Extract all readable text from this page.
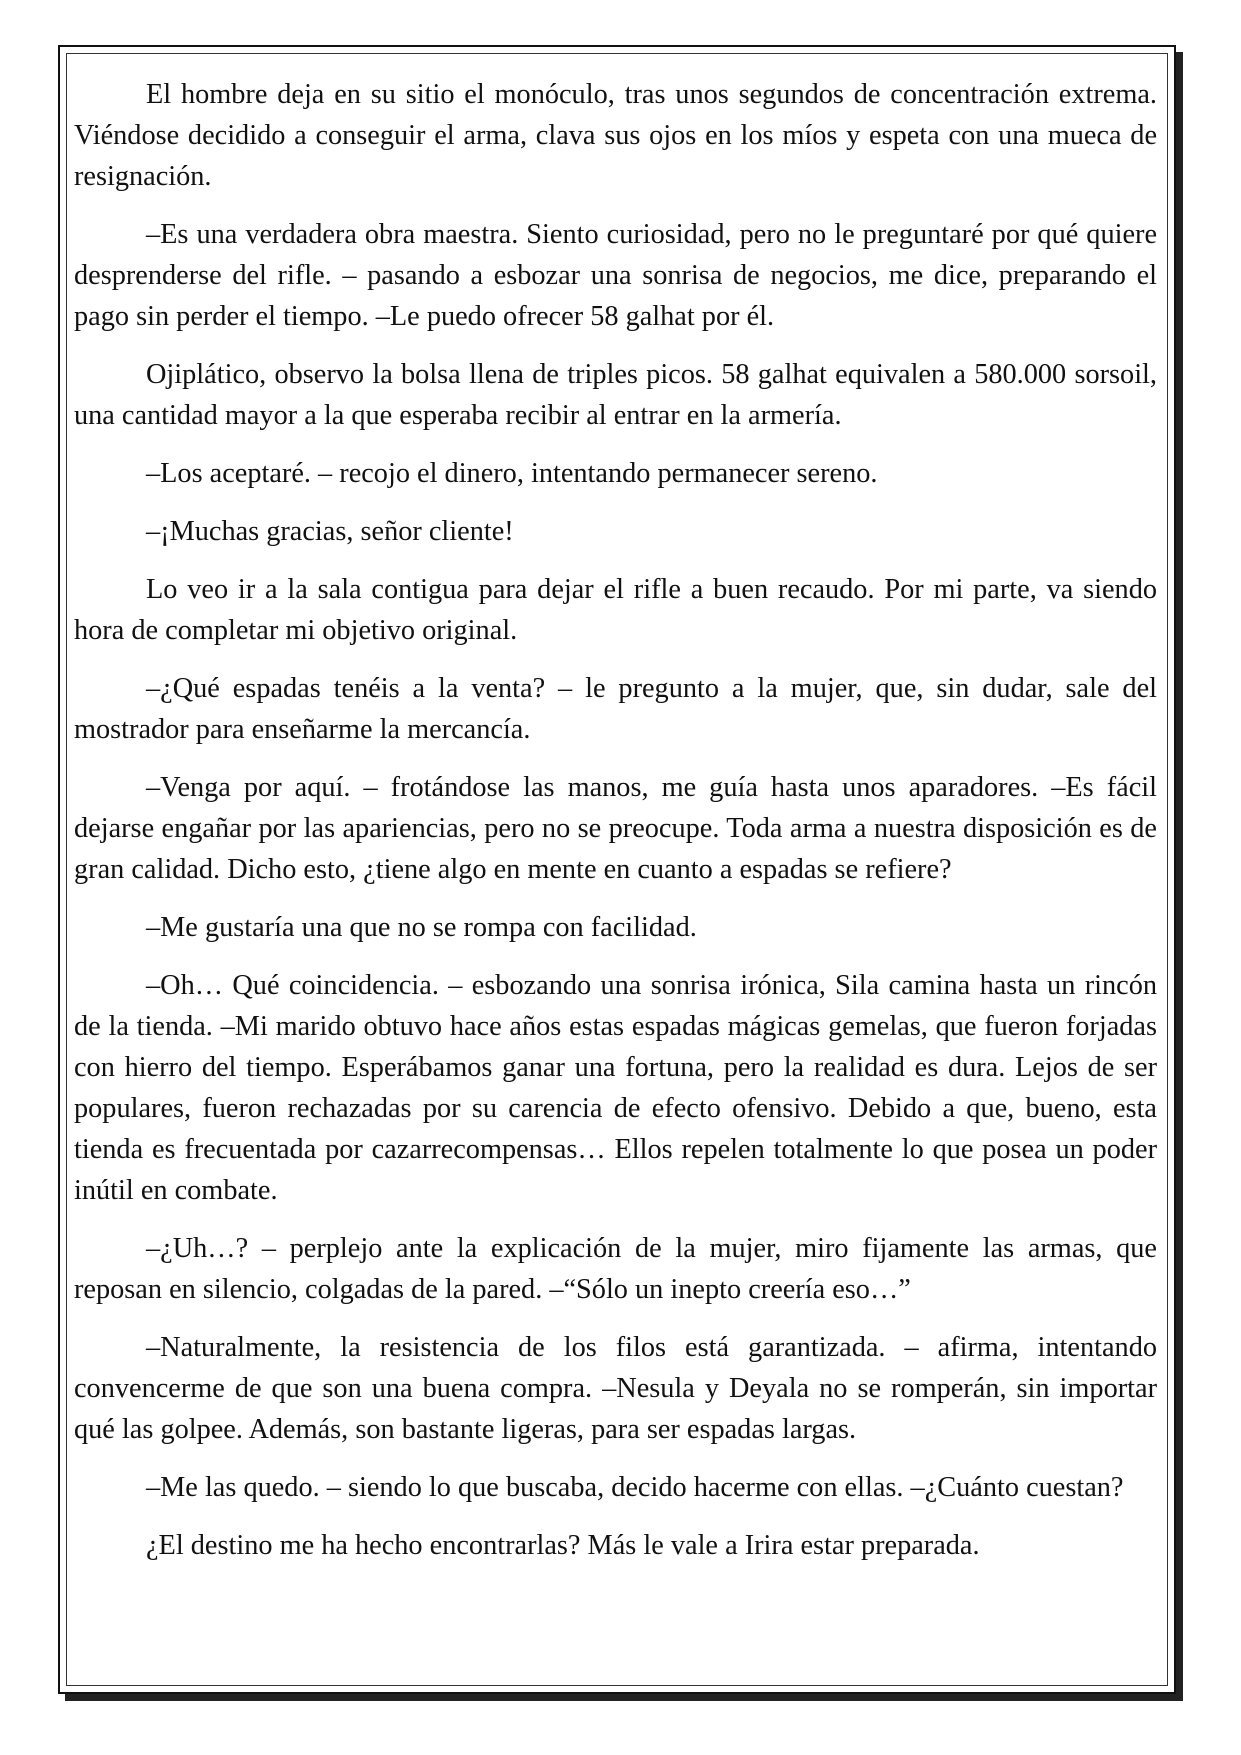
El hombre deja en su sitio el monóculo, tras unos segundos de concentración extrema. Viéndose decidido a conseguir el arma, clava sus ojos en los míos y espeta con una mueca de resignación.

–Es una verdadera obra maestra. Siento curiosidad, pero no le preguntaré por qué quiere desprenderse del rifle. – pasando a esbozar una sonrisa de negocios, me dice, preparando el pago sin perder el tiempo. –Le puedo ofrecer 58 galhat por él.

Ojiplático, observo la bolsa llena de triples picos. 58 galhat equivalen a 580.000 sorsoil, una cantidad mayor a la que esperaba recibir al entrar en la armería.

–Los aceptaré. – recojo el dinero, intentando permanecer sereno.

–¡Muchas gracias, señor cliente!

Lo veo ir a la sala contigua para dejar el rifle a buen recaudo. Por mi parte, va siendo hora de completar mi objetivo original.

–¿Qué espadas tenéis a la venta? – le pregunto a la mujer, que, sin dudar, sale del mostrador para enseñarme la mercancía.

–Venga por aquí. – frotándose las manos, me guía hasta unos aparadores. –Es fácil dejarse engañar por las apariencias, pero no se preocupe. Toda arma a nuestra disposición es de gran calidad. Dicho esto, ¿tiene algo en mente en cuanto a espadas se refiere?

–Me gustaría una que no se rompa con facilidad.

–Oh… Qué coincidencia. – esbozando una sonrisa irónica, Sila camina hasta un rincón de la tienda. –Mi marido obtuvo hace años estas espadas mágicas gemelas, que fueron forjadas con hierro del tiempo. Esperábamos ganar una fortuna, pero la realidad es dura. Lejos de ser populares, fueron rechazadas por su carencia de efecto ofensivo. Debido a que, bueno, esta tienda es frecuentada por cazarrecompensas… Ellos repelen totalmente lo que posea un poder inútil en combate.

–¿Uh…? – perplejo ante la explicación de la mujer, miro fijamente las armas, que reposan en silencio, colgadas de la pared. –“Sólo un inepto creería eso…”

–Naturalmente, la resistencia de los filos está garantizada. – afirma, intentando convencerme de que son una buena compra. –Nesula y Deyala no se romperán, sin importar qué las golpee. Además, son bastante ligeras, para ser espadas largas.

–Me las quedo. – siendo lo que buscaba, decido hacerme con ellas. –¿Cuánto cuestan?

¿El destino me ha hecho encontrarlas? Más le vale a Irira estar preparada.
